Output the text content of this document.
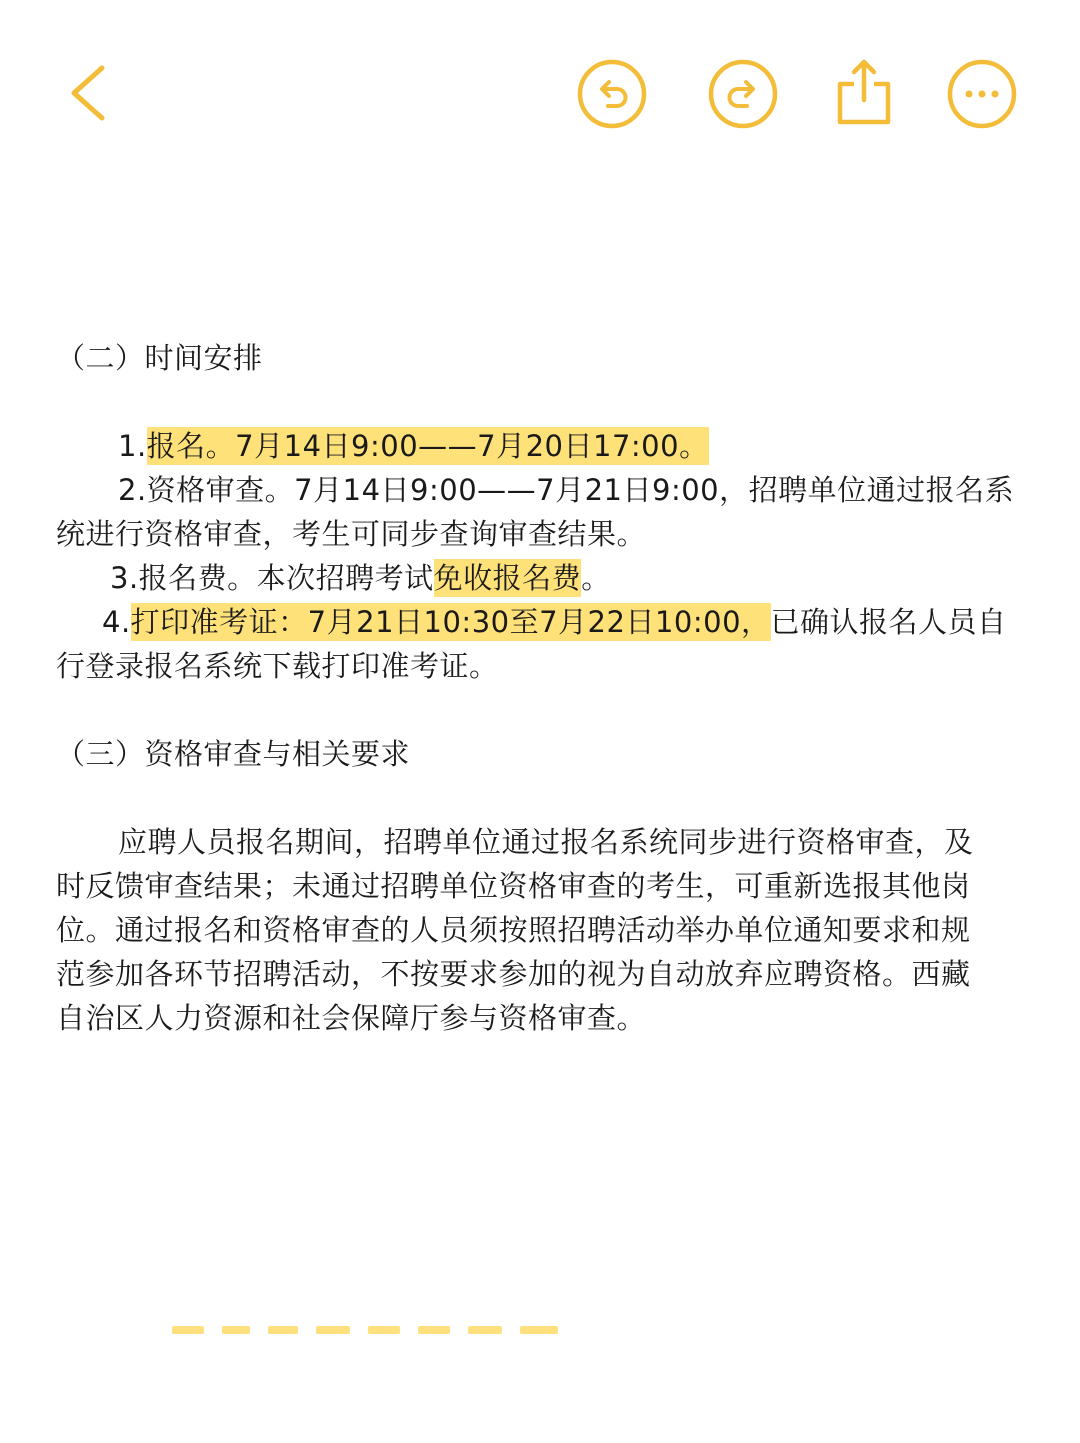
（二）时间安排

1.报名。7月14日9:00——7月20日17:00。

2.资格审查。7月14日9:00——7月21日9:00，招聘单位通过报名系
统进行资格审查，考生可同步查询审查结果。

3.报名费。本次招聘考试免收报名费。

4.打印准考证：7月21日10:30至7月22日10:00，已确认报名人员自
行登录报名系统下载打印准考证。

（三）资格审查与相关要求

应聘人员报名期间，招聘单位通过报名系统同步进行资格审查，及
时反馈审查结果；未通过招聘单位资格审查的考生，可重新选报其他岗
位。通过报名和资格审查的人员须按照招聘活动举办单位通知要求和规
范参加各环节招聘活动，不按要求参加的视为自动放弃应聘资格。西藏
自治区人力资源和社会保障厅参与资格审查。
